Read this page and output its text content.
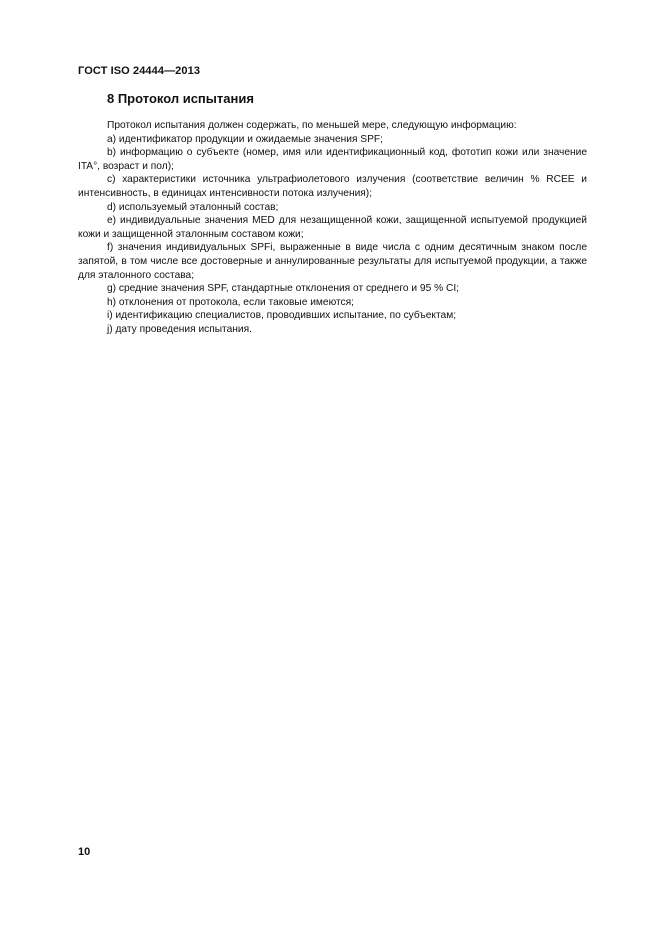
ГОСТ ISO 24444—2013
8 Протокол испытания

Протокол испытания должен содержать, по меньшей мере, следующую информацию:

а) идентификатор продукции и ожидаемые значения SPF;

b) информацию о субъекте (номер, имя или идентификационный код, фототип кожи или значение ITA°, возраст и пол);

c) характеристики источника ультрафиолетового излучения (соответствие величин % RCEE и интенсивность, в единицах интенсивности потока излучения);

d) используемый эталонный состав;

e) индивидуальные значения MED для незащищенной кожи, защищенной испытуемой продукцией кожи и защищенной эталонным составом кожи;

f) значения индивидуальных SPFi, выраженные в виде числа с одним десятичным знаком после запятой, в том числе все достоверные и аннулированные результаты для испытуемой продукции, а также для эталонного состава;

g) средние значения SPF, стандартные отклонения от среднего и 95 % CI;

h) отклонения от протокола, если таковые имеются;

i) идентификацию специалистов, проводивших испытание, по субъектам;

j) дату проведения испытания.

10
